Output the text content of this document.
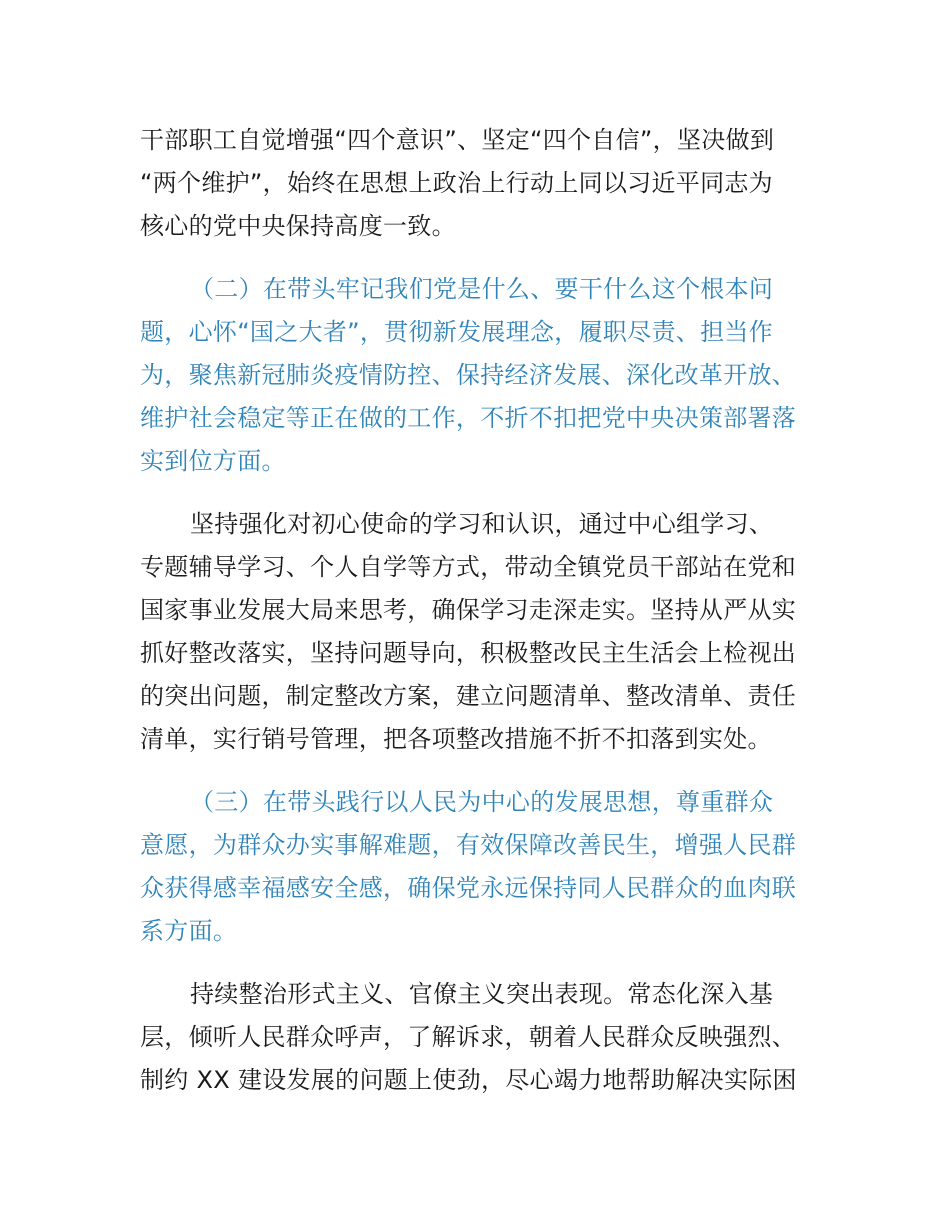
干部职工自觉增强“四个意识”、坚定“四个自信”，坚决做到
“两个维护”，始终在思想上政治上行动上同以习近平同志为
核心的党中央保持高度一致。
（二）在带头牢记我们党是什么、要干什么这个根本问
题，心怀“国之大者”，贯彻新发展理念，履职尽责、担当作
为，聚焦新冠肺炎疫情防控、保持经济发展、深化改革开放、
维护社会稳定等正在做的工作，不折不扣把党中央决策部署落
实到位方面。
坚持强化对初心使命的学习和认识，通过中心组学习、
专题辅导学习、个人自学等方式，带动全镇党员干部站在党和
国家事业发展大局来思考，确保学习走深走实。坚持从严从实
抓好整改落实，坚持问题导向，积极整改民主生活会上检视出
的突出问题，制定整改方案，建立问题清单、整改清单、责任
清单，实行销号管理，把各项整改措施不折不扣落到实处。
（三）在带头践行以人民为中心的发展思想，尊重群众
意愿，为群众办实事解难题，有效保障改善民生，增强人民群
众获得感幸福感安全感，确保党永远保持同人民群众的血肉联
系方面。
持续整治形式主义、官僚主义突出表现。常态化深入基
层，倾听人民群众呼声，了解诉求，朝着人民群众反映强烈、
制约 XX 建设发展的问题上使劲，尽心竭力地帮助解决实际困
